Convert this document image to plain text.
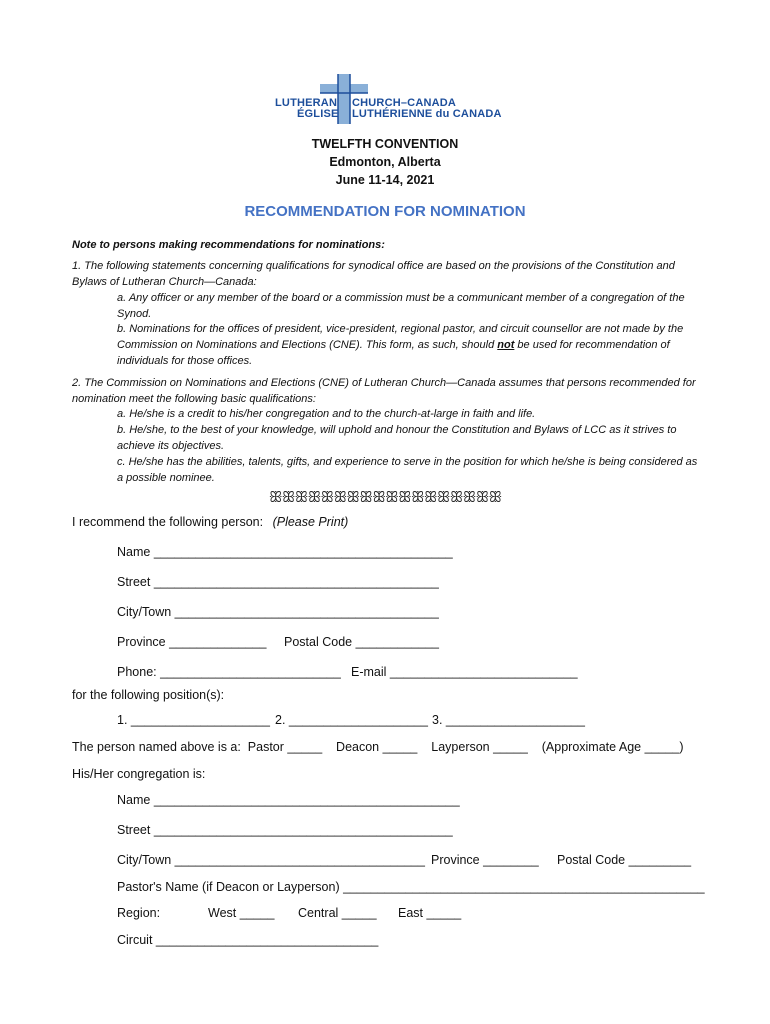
LUTHERAN CHURCH–CANADA
ÉGLISE LUTHÉRIENNE du CANADA
TWELFTH CONVENTION
Edmonton, Alberta
June 11-14, 2021
RECOMMENDATION FOR NOMINATION
Note to persons making recommendations for nominations:
1. The following statements concerning qualifications for synodical office are based on the provisions of the Constitution and Bylaws of Lutheran Church—Canada:
a. Any officer or any member of the board or a commission must be a communicant member of a congregation of the Synod.
b. Nominations for the offices of president, vice-president, regional pastor, and circuit counsellor are not made by the Commission on Nominations and Elections (CNE). This form, as such, should not be used for recommendation of individuals for those offices.
2. The Commission on Nominations and Elections (CNE) of Lutheran Church—Canada assumes that persons recommended for nomination meet the following basic qualifications:
a. He/she is a credit to his/her congregation and to the church-at-large in faith and life.
b. He/she, to the best of your knowledge, will uphold and honour the Constitution and Bylaws of LCC as it strives to achieve its objectives.
c. He/she has the abilities, talents, gifts, and experience to serve in the position for which he/she is being considered as a possible nominee.
ꕥꕥꕥꕥꕥꕥꕥꕥꕥꕥꕥꕥꕥꕥꕥꕥꕥꕥ
I recommend the following person: (Please Print)
Name ___________________________________________
Street _________________________________________
City/Town ______________________________________
Province ______________ Postal Code ____________
Phone: __________________________ E-mail ___________________________
for the following position(s):
1. ____________________ 2. ____________________ 3. ____________________
The person named above is a:  Pastor _____    Deacon _____    Layperson _____    (Approximate Age _____)
His/Her congregation is:
Name ____________________________________________
Street ___________________________________________
City/Town ____________________________________ Province ________ Postal Code _________
Pastor's Name (if Deacon or Layperson) ____________________________________________________
Region:	West _____ Central _____ East _____
Circuit ________________________________
